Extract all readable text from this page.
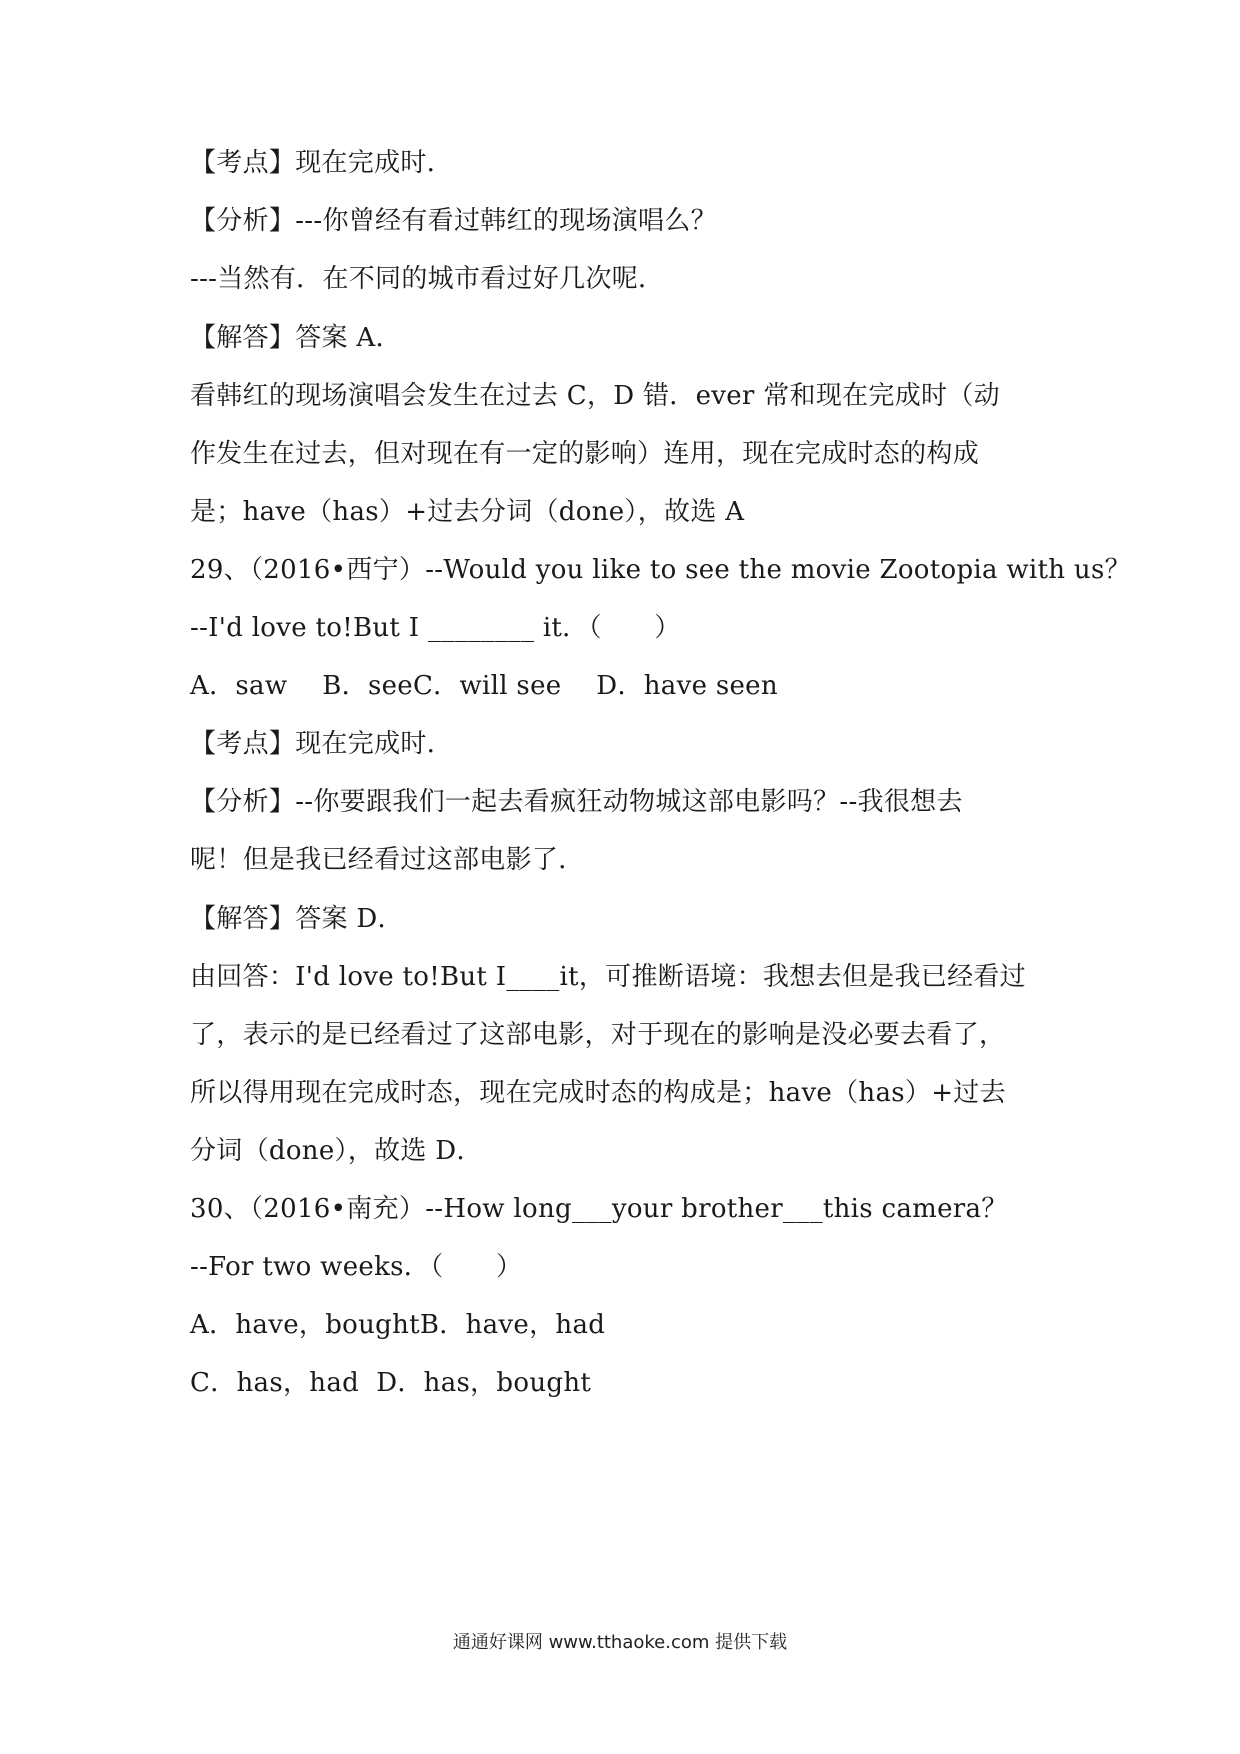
【考点】现在完成时．
【分析】---你曾经有看过韩红的现场演唱么？
---当然有．在不同的城市看过好几次呢．
【解答】答案 A．
看韩红的现场演唱会发生在过去 C，D 错．ever 常和现在完成时（动
作发生在过去，但对现在有一定的影响）连用，现在完成时态的构成
是；have（has）+过去分词（done），故选 A
29、（2016•西宁）--Would you like to see the movie Zootopia with us？
--I'd love to!But I ________ it．（　　）
A．saw　 B．seeC．will see　 D．have seen
【考点】现在完成时．
【分析】--你要跟我们一起去看疯狂动物城这部电影吗？--我很想去
呢！但是我已经看过这部电影了．
【解答】答案 D．
由回答：I'd love to!But I____it，可推断语境：我想去但是我已经看过
了，表示的是已经看过了这部电影，对于现在的影响是没必要去看了，
所以得用现在完成时态，现在完成时态的构成是；have（has）+过去
分词（done），故选 D．
30、（2016•南充）--How long___your brother___this camera？
--For two weeks．（　　）
A．have，boughtB．have，had
C．has，had  D．has，bought
通通好课网 www.tthaoke.com 提供下载
